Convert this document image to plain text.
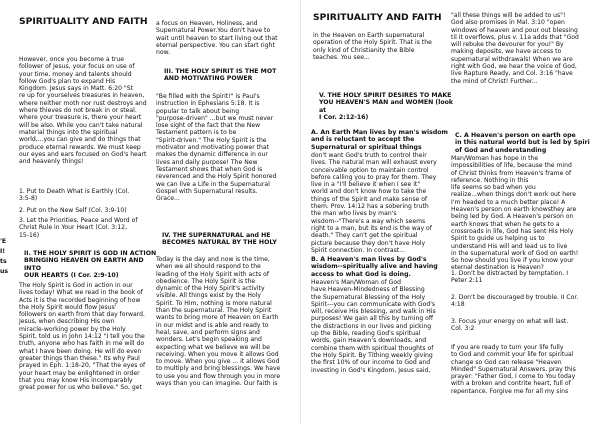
SPIRITUALITY AND FAITH

However, once you become a true
follower of Jesus, your focus on use of
your time, money and talents should
follow God's plan to expand His
Kingdom. Jesus says in Matt. 6:20 "St
re up for yourselves treasures in heaven,
where neither moth nor rust destroys and
where thieves do not break in or steal.
where your treasure is, there your heart
will be also. While you can't take natural
material things into the spiritual
world,...you can give and do things that
produce eternal rewards. We must keep
our eyes and ears focused on God's heart
and heavenly things!

1. Put to Death What is Earthly (Col.
3:5-8)

2. Put on the New Self (Col. 3:9-10)

3. Let the Priorities, Peace and Word of
Christ Rule in Your Heart (Col. 3:12,
15-16)

II. THE HOLY SPIRIT IS GOD IN ACTION
BRINGING HEAVEN ON EARTH AND INTO
OUR HEARTS (I Cor. 2:9-10)

The Holy Spirit is God in action in our
lives today! What we read in the book of
Acts it is the recorded beginning of how
the Holy Spirit would flow Jesus'
followers on earth from that day forward.
Jesus, when describing His own
miracle-working power by the Holy
Spirit, told us in John 14:12 "I tell you the
truth, anyone who has faith in me will do
what I have been doing. He will do even
greater things than these." Its why Paul
prayed in Eph. 1:18-20, "That the eyes of
your heart may be enlightened in order
that you may know His incomparably
great power for us who believe." So, get

'E

I!

ts

us

a focus on Heaven, Holiness, and
Supernatural Power.You don't have to
wait until heaven to start living out that
eternal perspective. You can start right
now.

III. THE HOLY SPIRIT IS THE MOT
AND MOTIVATING POWER

"Be filled with the Spirit!" is Paul's
instruction in Ephesians 5:18. It is
popular to talk about being
"purpose-driven" ...but we must never
lose sight of the fact that the New
Testament pattern is to be
"Spirit-driven." The Holy Spirit is the
motivator and motivating power that
makes the dynamic difference in our
lives and daily purpose! The New
Testament shows that when God is
reverenced and the Holy Spirit honored
we can live a Life in the Supernatural
Gospel with Supernatural results.
Grace...

IV. THE SUPERNATURAL and HE
BECOMES NATURAL BY THE HOLY

Today is the day and now is the time,
when we all should respond to the
leading of the Holy Spirit with acts of
obedience. The Holy Spirit is the
dynamic of the Holy Spirit's activity
visible. All things exist by the Holy
Spirit. To Him, nothing is more natural
than the supernatural. The Holy Spirit
wants to bring more of Heaven on Earth
in our midst and is able and ready to
heal, save, and perform signs and
wonders. Let's begin speaking and
expecting what we believe we will be
receiving. When you move it allows God
to move. When you give ... it allows God
to multiply and bring blessings. We have
to use you and flow through you in more
ways than you can imagine. Our faith is

SPIRITUALITY AND FAITH

in the Heaven on Earth supernatural
operation of the Holy Spirit. That is the
only kind of Christianity the Bible
teaches. You see...

V. THE HOLY SPIRIT DESIRES TO MAKE
YOU HEAVEN'S MAN and WOMEN (look at
I Cor. 2:12-16)

A. An Earth Man lives by man's wisdom
and is reluctant to accept the
Supernatural or spiritual things

don't want God's truth to control their
lives. The natural man will exhaust every
conceivable option to maintain control
before calling you to pray for them. They
live in a "I'll believe it when I see it"
world and don't know how to take the
things of the Spirit and make sense of
them. Prov. 14:12 has a sobering truth
the man who lives by man's
wisdom--"There's a way which seems
right to a man, but its end is the way of
death." They can't get the spiritual
picture because they don't have Holy
Spirit connection. In contrast...

B. A Heaven's man lives by God's
wisdom--spiritually alive and having
access to what God is doing.

Heaven's Man/Woman of God
have Heaven-Mindedness of Blessing
the Supernatural Blessing of the Holy
Spirit---you can communicate with God's
will, receive His blessing, and walk in His
purposes! We gain all this by turning off
the distractions in our lives and picking
up the Bible, reading God's spiritual
words, gain Heaven's downloads, and
combine them with spiritual thoughts of
the Holy Spirit. By Tithing weekly giving
the first 10% of our income to God and
investing in God's Kingdom, Jesus said,

"all these things will be added to us"!
God also promises in Mal. 3:10 "open
windows of heaven and pour out blessing
til it overflows, plus v. 11a adds that "God
will rebuke the devourer for you!" By
making deposits, we have access to
supernatural withdrawals! When we are
right with God, we hear the voice of God,
live Rapture Ready, and Col. 3:16 "have
the mind of Christ! Further...

C. A Heaven's person on earth ope
in this natural world but is led by Spiri
of God and understanding

Man/Woman has hope in the
impossibilities of life, because the mind
of Christ thinks from Heaven's frame of
reference. Nothing in this
life seems so bad when you
realize...when things don't work out here
I'm headed to a much better place! A
Heaven's person on earth knowsthey are
being led by God. A Heaven's person on
earth knows that when he gets to a
crossroads in life, God has sent His Holy
Spirit to guide us helping us to
understand His will and lead us to live
in the supernatural work of God on earth!
So how should you live if you know your
eternal destination is Heaven?

1. Don't be distracted by temptation. I
Peter 2:11

2. Don't be discouraged by trouble. II Cor.
4:18

3. Focus your energy on what will last.
Col. 3:2

If you are ready to turn your life fully
to God and commit your life for spiritual
change so God can release "Heaven
Minded" Supernatural Answers, pray this
prayer: "Father God, I come to You today
with a broken and contrite heart, full of
repentance. Forgive me for all my sins
